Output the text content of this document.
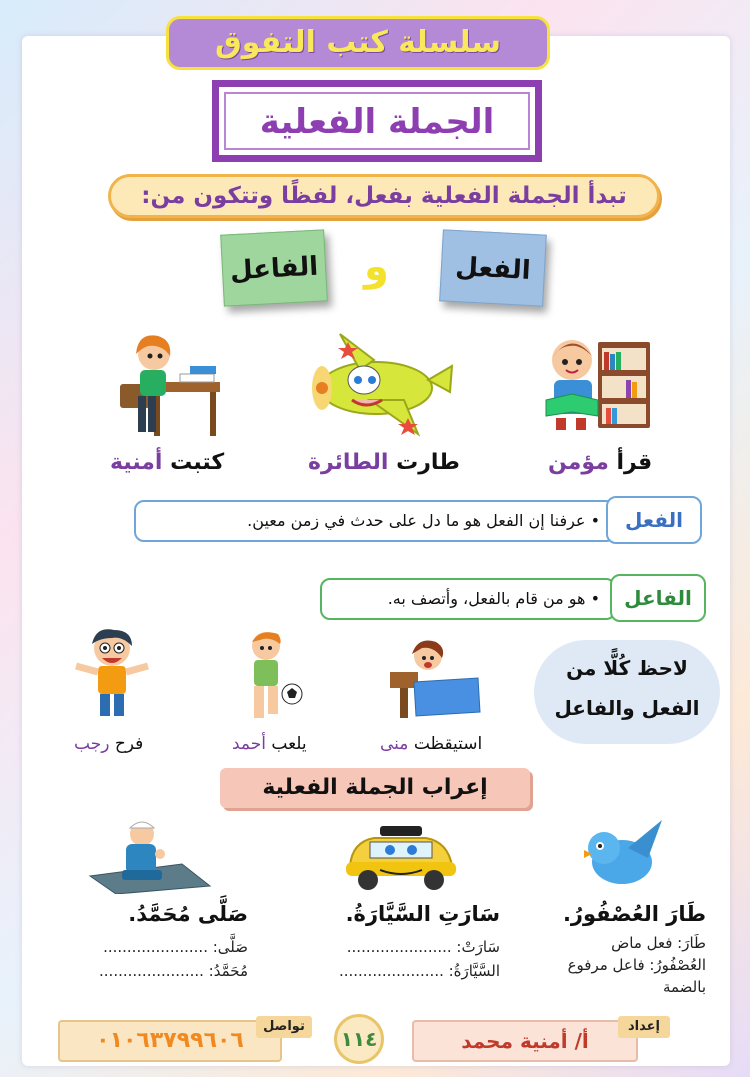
سلسلة كتب التفوق
الجملة الفعلية
تبدأ الجملة الفعلية بفعل، لفظًا وتتكون من:
الفعل
و
الفاعل
قرأ مؤمن
طارت الطائرة
كتبت أمنية
• عرفنا إن الفعل هو ما دل على حدث في زمن معين.	الفعل
• هو من قام بالفعل، وأتصف به.	الفاعل
لاحظ كُلًّا من
الفعل والفاعل
استيقظت منى
يلعب أحمد
فرح رجب
إعراب الجملة الفعلية
طَارَ العُصْفُورُ.
طَارَ: فعل ماض
العُصْفُورُ: فاعل مرفوع
بالضمة
سَارَتِ السَّيَّارَةُ.
سَارَتْ: ......................
السَّيَّارَةُ: ......................
صَلَّى مُحَمَّدُ.
صَلَّى: ......................
مُحَمَّدُ: ......................
٠١٠٦٣٧٩٩٦٠٦
تواصل
١١٤	أ/ أمنية محمد
إعداد
